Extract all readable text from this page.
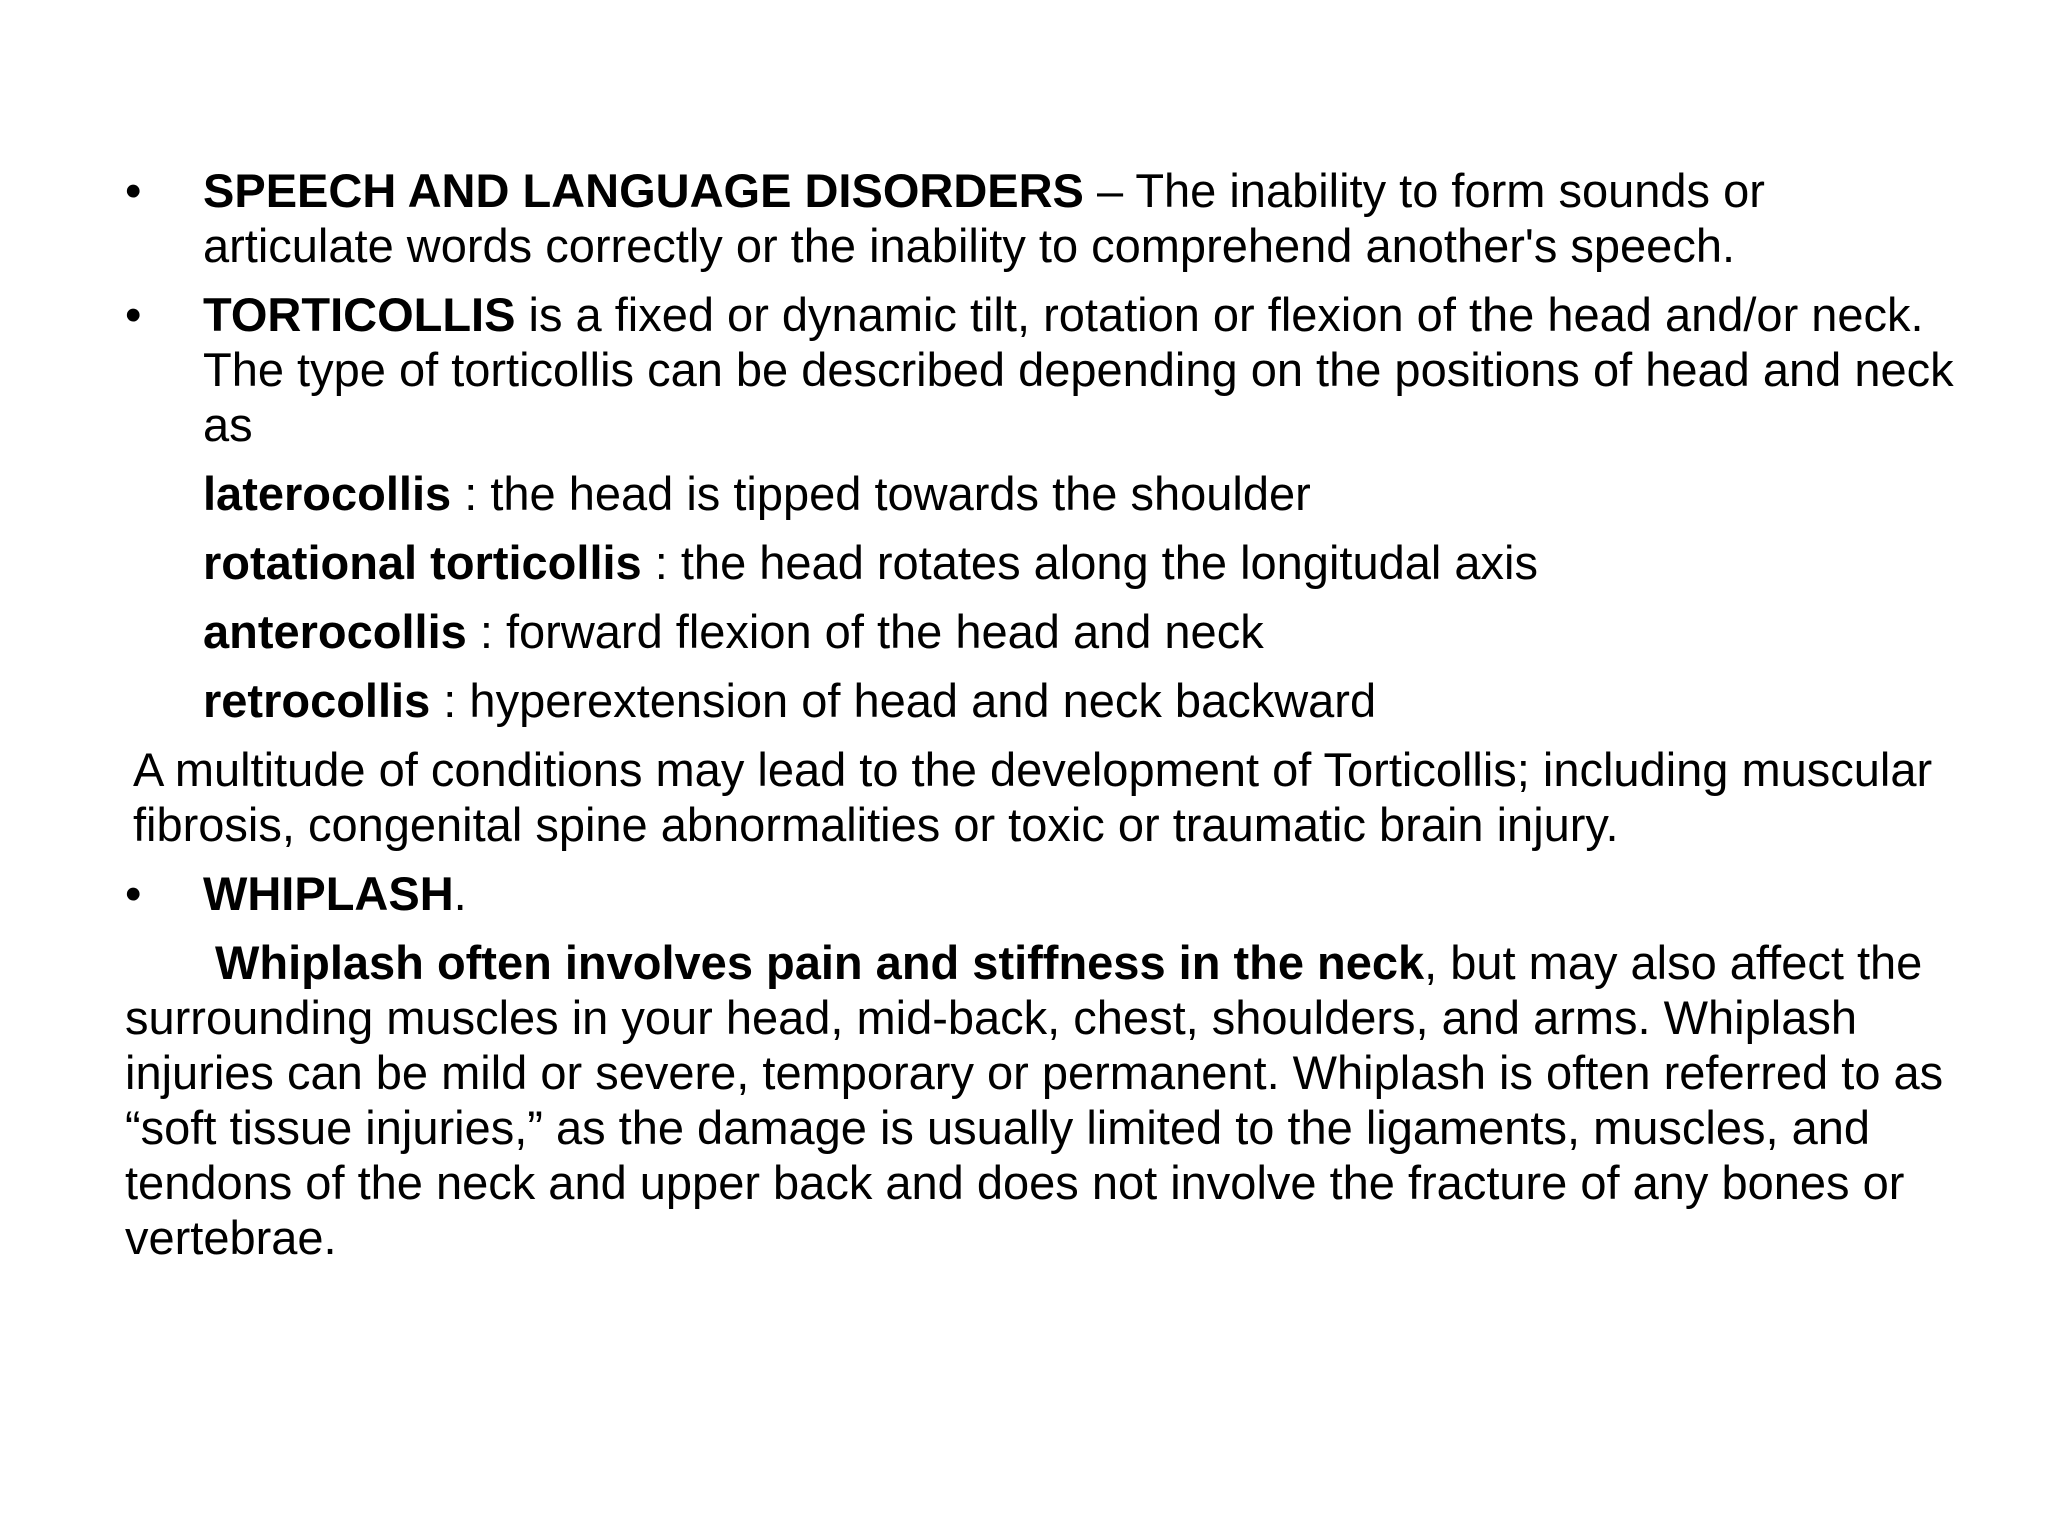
•	SPEECH AND LANGUAGE DISORDERS – The inability to form sounds or articulate words correctly or the inability to comprehend another's speech.
•	TORTICOLLIS is a fixed or dynamic tilt, rotation or flexion of the head and/or neck. The type of torticollis can be described depending on the positions of head and neck as
laterocollis : the head is tipped towards the shoulder
rotational torticollis : the head rotates along the longitudal axis
anterocollis : forward flexion of the head and neck
retrocollis : hyperextension of head and neck backward
A multitude of conditions may lead to the development of Torticollis; including muscular fibrosis, congenital spine abnormalities or toxic or traumatic brain injury.
•	WHIPLASH.
Whiplash often involves pain and stiffness in the neck, but may also affect the surrounding muscles in your head, mid-back, chest, shoulders, and arms. Whiplash injuries can be mild or severe, temporary or permanent. Whiplash is often referred to as “soft tissue injuries,” as the damage is usually limited to the ligaments, muscles, and tendons of the neck and upper back and does not involve the fracture of any bones or vertebrae.
